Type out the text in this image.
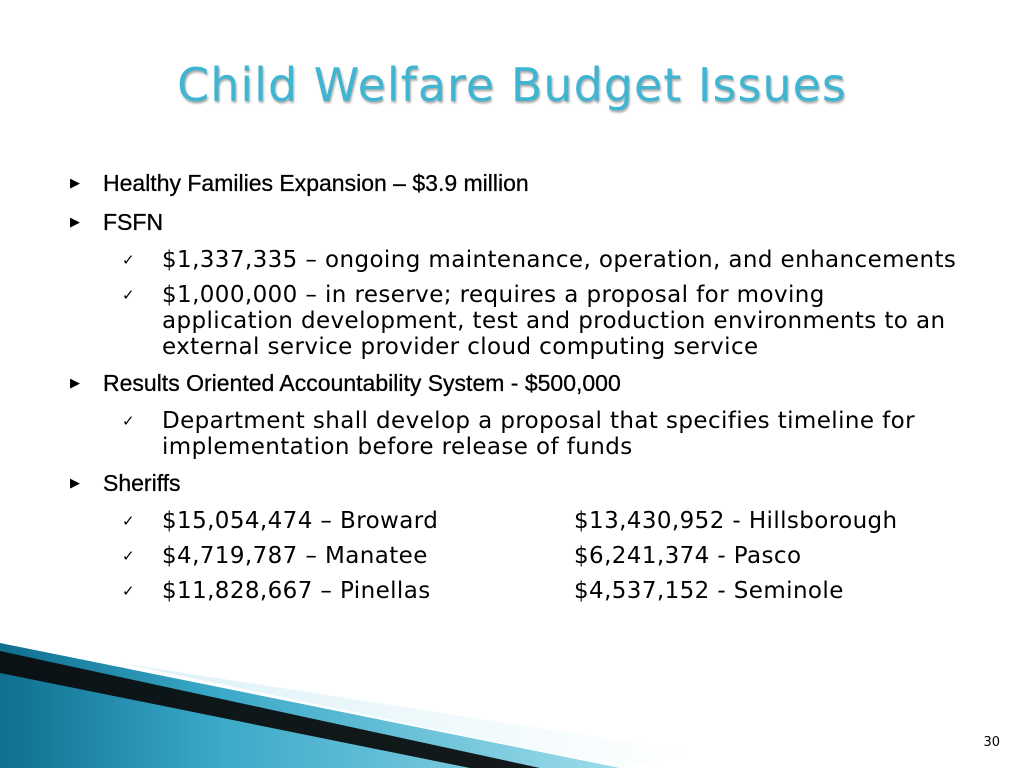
Child Welfare Budget Issues
▶	Healthy Families Expansion – $3.9 million
▶	FSFN
✓	$1,337,335 – ongoing maintenance, operation, and enhancements
✓	$1,000,000 – in reserve; requires a proposal for moving application development, test and production environments to an external service provider cloud computing service
▶	Results Oriented Accountability System - $500,000
✓	Department shall develop a proposal that specifies timeline for implementation before release of funds
▶	Sheriffs
✓	$15,054,474 – Broward	$13,430,952 - Hillsborough
✓	$4,719,787 – Manatee	$6,241,374 - Pasco
✓	$11,828,667 – Pinellas	$4,537,152 - Seminole
30
